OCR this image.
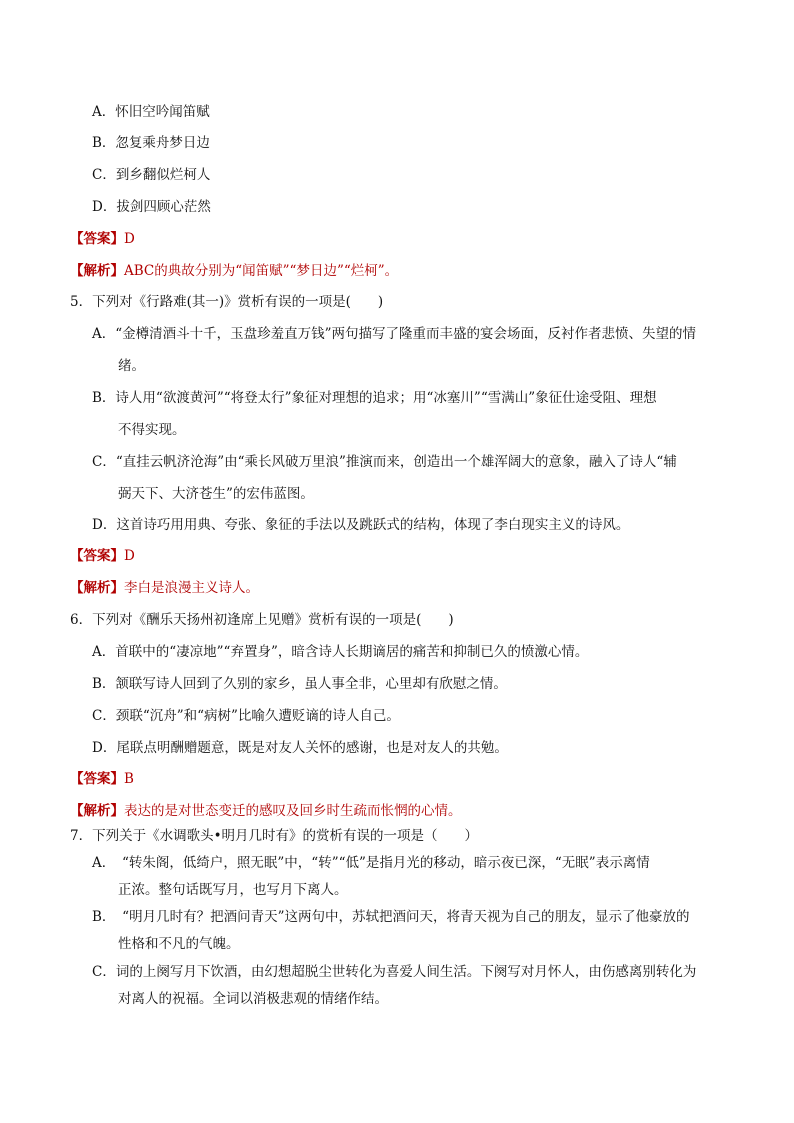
A．怀旧空吟闻笛赋
B．忽复乘舟梦日边
C．到乡翻似烂柯人
D．拔剑四顾心茫然
【答案】D
【解析】ABC的典故分别为“闻笛赋”“梦日边”“烂柯”。
5．下列对《行路难(其一)》赏析有误的一项是(　　)
A．“金樽清酒斗十千，玉盘珍羞直万钱”两句描写了隆重而丰盛的宴会场面，反衬作者悲愤、失望的情
绪。
B．诗人用“欲渡黄河”“将登太行”象征对理想的追求；用“冰塞川”“雪满山”象征仕途受阻、理想
不得实现。
C．“直挂云帆济沧海”由“乘长风破万里浪”推演而来，创造出一个雄浑阔大的意象，融入了诗人“辅
弼天下、大济苍生”的宏伟蓝图。
D．这首诗巧用用典、夸张、象征的手法以及跳跃式的结构，体现了李白现实主义的诗风。
【答案】D
【解析】李白是浪漫主义诗人。
6．下列对《酬乐天扬州初逢席上见赠》赏析有误的一项是(　　)
A．首联中的“凄凉地”“弃置身”，暗含诗人长期谪居的痛苦和抑制已久的愤激心情。
B．颔联写诗人回到了久别的家乡，虽人事全非，心里却有欣慰之情。
C．颈联“沉舟”和“病树”比喻久遭贬谪的诗人自己。
D．尾联点明酬赠题意，既是对友人关怀的感谢，也是对友人的共勉。
【答案】B
【解析】表达的是对世态变迁的感叹及回乡时生疏而怅惘的心情。
7．下列关于《水调歌头•明月几时有》的赏析有误的一项是（　　）
A．　“转朱阁，低绮户，照无眠”中，“转”“低”是指月光的移动，暗示夜已深，“无眠”表示离情
正浓。整句话既写月，也写月下离人。
B．　“明月几时有？把酒问青天”这两句中，苏轼把酒问天，将青天视为自己的朋友，显示了他豪放的
性格和不凡的气魄。
C．词的上阕写月下饮酒，由幻想超脱尘世转化为喜爱人间生活。下阕写对月怀人，由伤感离别转化为
对离人的祝福。全词以消极悲观的情绪作结。
